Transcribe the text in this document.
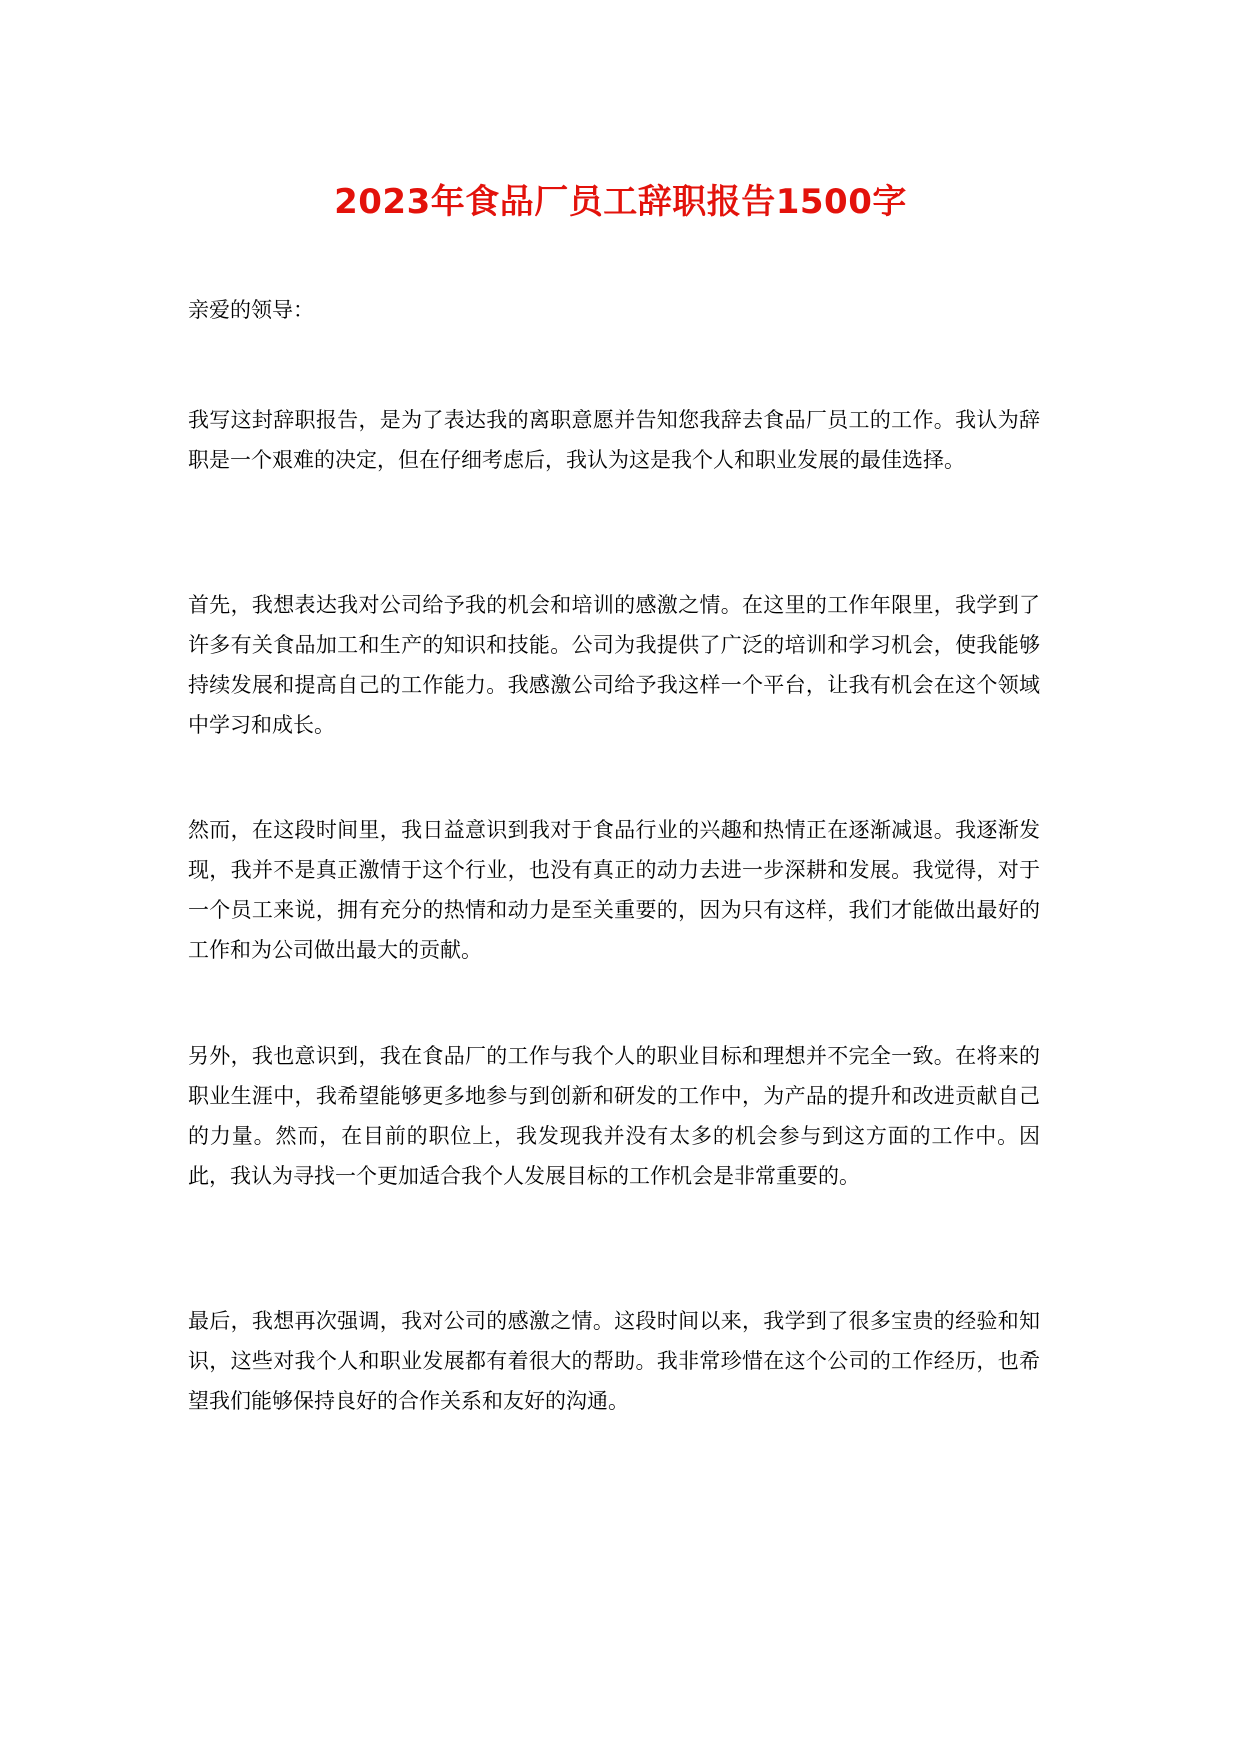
2023年食品厂员工辞职报告1500字

亲爱的领导：

我写这封辞职报告，是为了表达我的离职意愿并告知您我辞去食品厂员工的工作。我认为辞职是一个艰难的决定，但在仔细考虑后，我认为这是我个人和职业发展的最佳选择。

首先，我想表达我对公司给予我的机会和培训的感激之情。在这里的工作年限里，我学到了许多有关食品加工和生产的知识和技能。公司为我提供了广泛的培训和学习机会，使我能够持续发展和提高自己的工作能力。我感激公司给予我这样一个平台，让我有机会在这个领域中学习和成长。

然而，在这段时间里，我日益意识到我对于食品行业的兴趣和热情正在逐渐减退。我逐渐发现，我并不是真正激情于这个行业，也没有真正的动力去进一步深耕和发展。我觉得，对于一个员工来说，拥有充分的热情和动力是至关重要的，因为只有这样，我们才能做出最好的工作和为公司做出最大的贡献。

另外，我也意识到，我在食品厂的工作与我个人的职业目标和理想并不完全一致。在将来的职业生涯中，我希望能够更多地参与到创新和研发的工作中，为产品的提升和改进贡献自己的力量。然而，在目前的职位上，我发现我并没有太多的机会参与到这方面的工作中。因此，我认为寻找一个更加适合我个人发展目标的工作机会是非常重要的。

最后，我想再次强调，我对公司的感激之情。这段时间以来，我学到了很多宝贵的经验和知识，这些对我个人和职业发展都有着很大的帮助。我非常珍惜在这个公司的工作经历，也希望我们能够保持良好的合作关系和友好的沟通。
